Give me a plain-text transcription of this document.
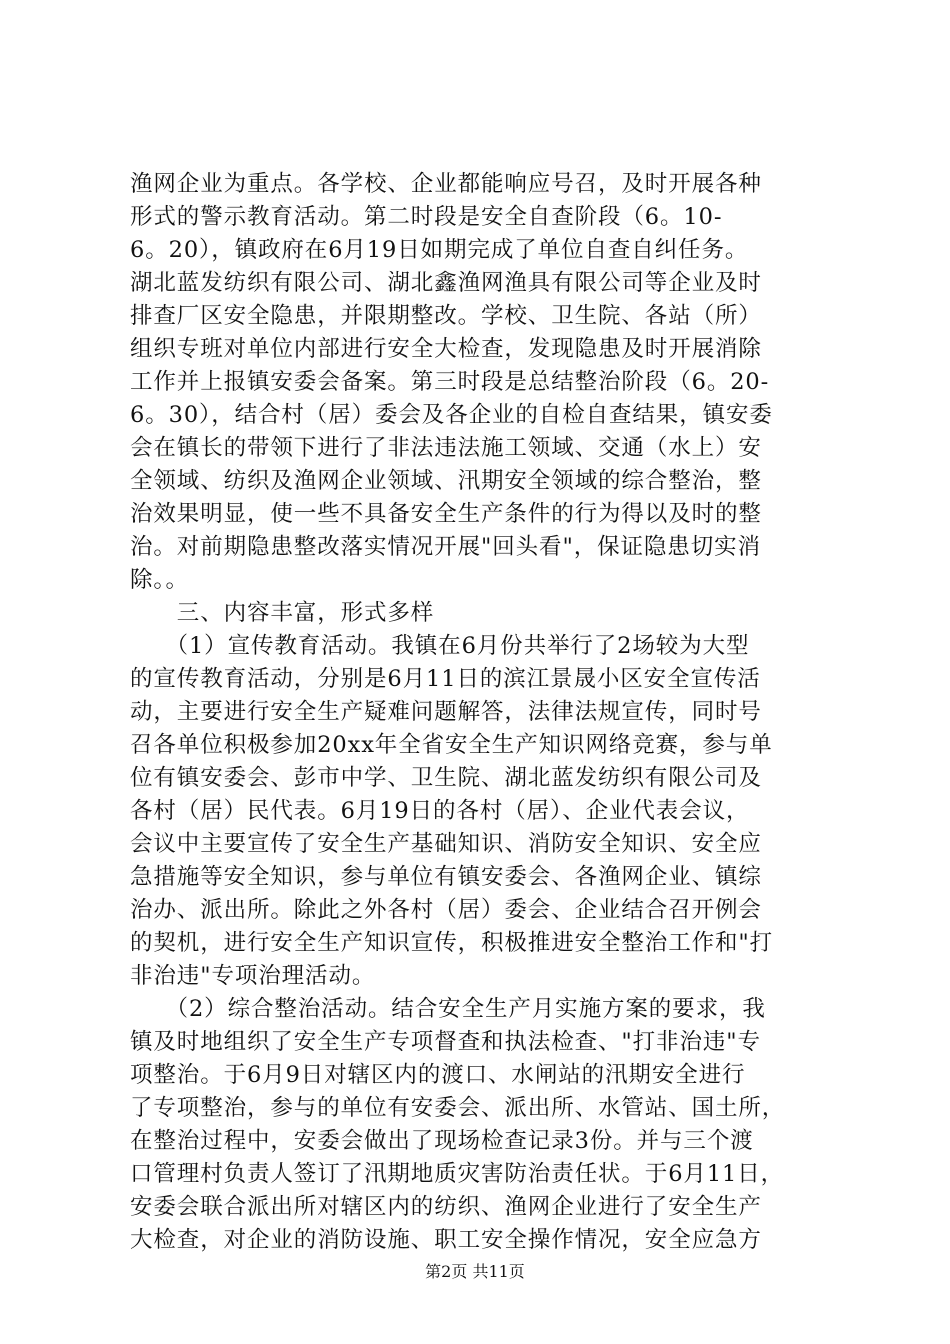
渔网企业为重点。各学校、企业都能响应号召，及时开展各种
形式的警示教育活动。第二时段是安全自查阶段（6。10-
6。20），镇政府在6月19日如期完成了单位自查自纠任务。
湖北蓝发纺织有限公司、湖北鑫渔网渔具有限公司等企业及时
排查厂区安全隐患，并限期整改。学校、卫生院、各站（所）
组织专班对单位内部进行安全大检查，发现隐患及时开展消除
工作并上报镇安委会备案。第三时段是总结整治阶段（6。20-
6。30），结合村（居）委会及各企业的自检自查结果，镇安委
会在镇长的带领下进行了非法违法施工领域、交通（水上）安
全领域、纺织及渔网企业领域、汛期安全领域的综合整治，整
治效果明显，使一些不具备安全生产条件的行为得以及时的整
治。对前期隐患整改落实情况开展"回头看"，保证隐患切实消
除。。
　　三、内容丰富，形式多样
　　（1）宣传教育活动。我镇在6月份共举行了2场较为大型
的宣传教育活动，分别是6月11日的滨江景晟小区安全宣传活
动，主要进行安全生产疑难问题解答，法律法规宣传，同时号
召各单位积极参加20xx年全省安全生产知识网络竞赛，参与单
位有镇安委会、彭市中学、卫生院、湖北蓝发纺织有限公司及
各村（居）民代表。6月19日的各村（居）、企业代表会议，
会议中主要宣传了安全生产基础知识、消防安全知识、安全应
急措施等安全知识，参与单位有镇安委会、各渔网企业、镇综
治办、派出所。除此之外各村（居）委会、企业结合召开例会
的契机，进行安全生产知识宣传，积极推进安全整治工作和"打
非治违"专项治理活动。
　　（2）综合整治活动。结合安全生产月实施方案的要求，我
镇及时地组织了安全生产专项督查和执法检查、"打非治违"专
项整治。于6月9日对辖区内的渡口、水闸站的汛期安全进行
了专项整治，参与的单位有安委会、派出所、水管站、国土所，
在整治过程中，安委会做出了现场检查记录3份。并与三个渡
口管理村负责人签订了汛期地质灾害防治责任状。于6月11日，
安委会联合派出所对辖区内的纺织、渔网企业进行了安全生产
大检查，对企业的消防设施、职工安全操作情况，安全应急方
第2页 共11页
